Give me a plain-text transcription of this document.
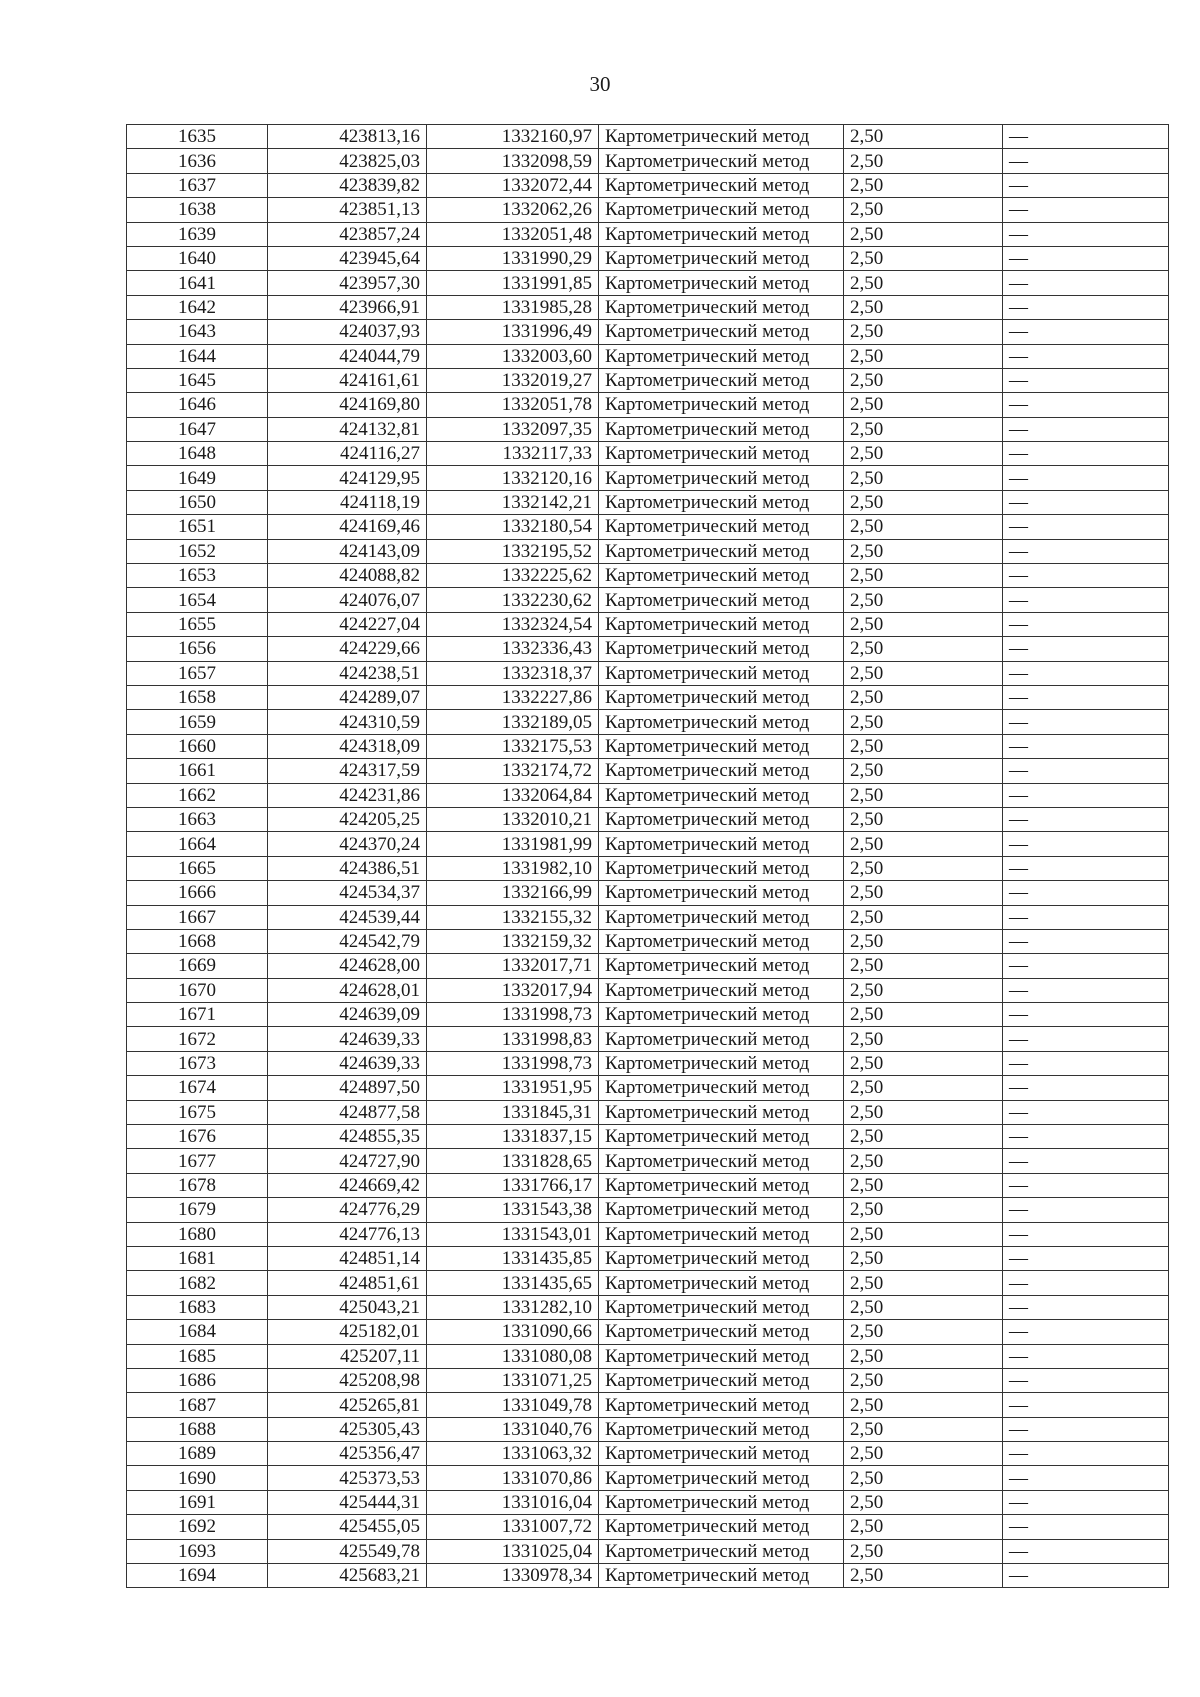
30
1635	423813,16	1332160,97	Картометрический метод	2,50	—
1636	423825,03	1332098,59	Картометрический метод	2,50	—
1637	423839,82	1332072,44	Картометрический метод	2,50	—
1638	423851,13	1332062,26	Картометрический метод	2,50	—
1639	423857,24	1332051,48	Картометрический метод	2,50	—
1640	423945,64	1331990,29	Картометрический метод	2,50	—
1641	423957,30	1331991,85	Картометрический метод	2,50	—
1642	423966,91	1331985,28	Картометрический метод	2,50	—
1643	424037,93	1331996,49	Картометрический метод	2,50	—
1644	424044,79	1332003,60	Картометрический метод	2,50	—
1645	424161,61	1332019,27	Картометрический метод	2,50	—
1646	424169,80	1332051,78	Картометрический метод	2,50	—
1647	424132,81	1332097,35	Картометрический метод	2,50	—
1648	424116,27	1332117,33	Картометрический метод	2,50	—
1649	424129,95	1332120,16	Картометрический метод	2,50	—
1650	424118,19	1332142,21	Картометрический метод	2,50	—
1651	424169,46	1332180,54	Картометрический метод	2,50	—
1652	424143,09	1332195,52	Картометрический метод	2,50	—
1653	424088,82	1332225,62	Картометрический метод	2,50	—
1654	424076,07	1332230,62	Картометрический метод	2,50	—
1655	424227,04	1332324,54	Картометрический метод	2,50	—
1656	424229,66	1332336,43	Картометрический метод	2,50	—
1657	424238,51	1332318,37	Картометрический метод	2,50	—
1658	424289,07	1332227,86	Картометрический метод	2,50	—
1659	424310,59	1332189,05	Картометрический метод	2,50	—
1660	424318,09	1332175,53	Картометрический метод	2,50	—
1661	424317,59	1332174,72	Картометрический метод	2,50	—
1662	424231,86	1332064,84	Картометрический метод	2,50	—
1663	424205,25	1332010,21	Картометрический метод	2,50	—
1664	424370,24	1331981,99	Картометрический метод	2,50	—
1665	424386,51	1331982,10	Картометрический метод	2,50	—
1666	424534,37	1332166,99	Картометрический метод	2,50	—
1667	424539,44	1332155,32	Картометрический метод	2,50	—
1668	424542,79	1332159,32	Картометрический метод	2,50	—
1669	424628,00	1332017,71	Картометрический метод	2,50	—
1670	424628,01	1332017,94	Картометрический метод	2,50	—
1671	424639,09	1331998,73	Картометрический метод	2,50	—
1672	424639,33	1331998,83	Картометрический метод	2,50	—
1673	424639,33	1331998,73	Картометрический метод	2,50	—
1674	424897,50	1331951,95	Картометрический метод	2,50	—
1675	424877,58	1331845,31	Картометрический метод	2,50	—
1676	424855,35	1331837,15	Картометрический метод	2,50	—
1677	424727,90	1331828,65	Картометрический метод	2,50	—
1678	424669,42	1331766,17	Картометрический метод	2,50	—
1679	424776,29	1331543,38	Картометрический метод	2,50	—
1680	424776,13	1331543,01	Картометрический метод	2,50	—
1681	424851,14	1331435,85	Картометрический метод	2,50	—
1682	424851,61	1331435,65	Картометрический метод	2,50	—
1683	425043,21	1331282,10	Картометрический метод	2,50	—
1684	425182,01	1331090,66	Картометрический метод	2,50	—
1685	425207,11	1331080,08	Картометрический метод	2,50	—
1686	425208,98	1331071,25	Картометрический метод	2,50	—
1687	425265,81	1331049,78	Картометрический метод	2,50	—
1688	425305,43	1331040,76	Картометрический метод	2,50	—
1689	425356,47	1331063,32	Картометрический метод	2,50	—
1690	425373,53	1331070,86	Картометрический метод	2,50	—
1691	425444,31	1331016,04	Картометрический метод	2,50	—
1692	425455,05	1331007,72	Картометрический метод	2,50	—
1693	425549,78	1331025,04	Картометрический метод	2,50	—
1694	425683,21	1330978,34	Картометрический метод	2,50	—
